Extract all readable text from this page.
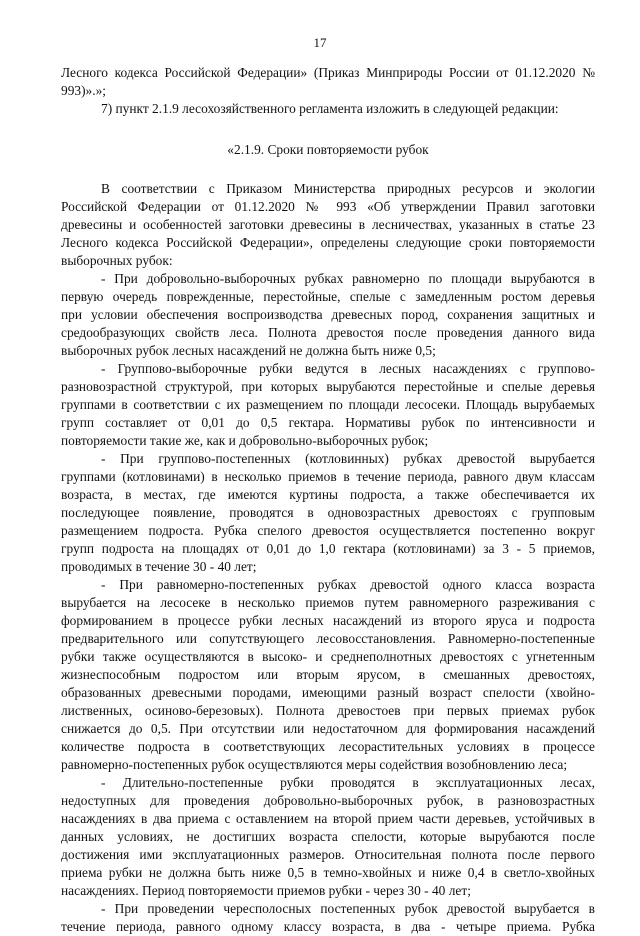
17
Лесного кодекса Российской Федерации» (Приказ Минприроды России от 01.12.2020 №
993)».»;
7) пункт 2.1.9 лесохозяйственного регламента изложить в следующей редакции:
«2.1.9. Сроки повторяемости рубок
В соответствии с Приказом Министерства природных ресурсов и экологии
Российской Федерации от 01.12.2020 № 993 «Об утверждении Правил заготовки
древесины и особенностей заготовки древесины в лесничествах, указанных в статье 23
Лесного кодекса Российской Федерации», определены следующие сроки повторяемости
выборочных рубок:
- При добровольно-выборочных рубках равномерно по площади вырубаются в
первую очередь поврежденные, перестойные, спелые с замедленным ростом деревья
при условии обеспечения воспроизводства древесных пород, сохранения защитных и
средообразующих свойств леса. Полнота древостоя после проведения данного вида
выборочных рубок лесных насаждений не должна быть ниже 0,5;
- Группово-выборочные рубки ведутся в лесных насаждениях с группово-
разновозрастной структурой, при которых вырубаются перестойные и спелые деревья
группами в соответствии с их размещением по площади лесосеки. Площадь вырубаемых
групп составляет от 0,01 до 0,5 гектара. Нормативы рубок по интенсивности и
повторяемости такие же, как и добровольно-выборочных рубок;
- При группово-постепенных (котловинных) рубках древостой вырубается
группами (котловинами) в несколько приемов в течение периода, равного двум классам
возраста, в местах, где имеются куртины подроста, а также обеспечивается их
последующее появление, проводятся в одновозрастных древостоях с групповым
размещением подроста. Рубка спелого древостоя осуществляется постепенно вокруг
групп подроста на площадях от 0,01 до 1,0 гектара (котловинами) за 3 - 5 приемов,
проводимых в течение 30 - 40 лет;
- При равномерно-постепенных рубках древостой одного класса возраста
вырубается на лесосеке в несколько приемов путем равномерного разреживания с
формированием в процессе рубки лесных насаждений из второго яруса и подроста
предварительного или сопутствующего лесовосстановления. Равномерно-постепенные
рубки также осуществляются в высоко- и среднеполнотных древостоях с угнетенным
жизнеспособным подростом или вторым ярусом, в смешанных древостоях,
образованных древесными породами, имеющими разный возраст спелости (хвойно-
лиственных, осиново-березовых). Полнота древостоев при первых приемах рубок
снижается до 0,5. При отсутствии или недостаточном для формирования насаждений
количестве подроста в соответствующих лесорастительных условиях в процессе
равномерно-постепенных рубок осуществляются меры содействия возобновлению леса;
- Длительно-постепенные рубки проводятся в эксплуатационных лесах,
недоступных для проведения добровольно-выборочных рубок, в разновозрастных
насаждениях в два приема с оставлением на второй прием части деревьев, устойчивых в
данных условиях, не достигших возраста спелости, которые вырубаются после
достижения ими эксплуатационных размеров. Относительная полнота после первого
приема рубки не должна быть ниже 0,5 в темно-хвойных и ниже 0,4 в светло-хвойных
насаждениях. Период повторяемости приемов рубки - через 30 - 40 лет;
- При проведении чересполосных постепенных рубок древостой вырубается в
течение периода, равного одному классу возраста, в два - четыре приема. Рубка
